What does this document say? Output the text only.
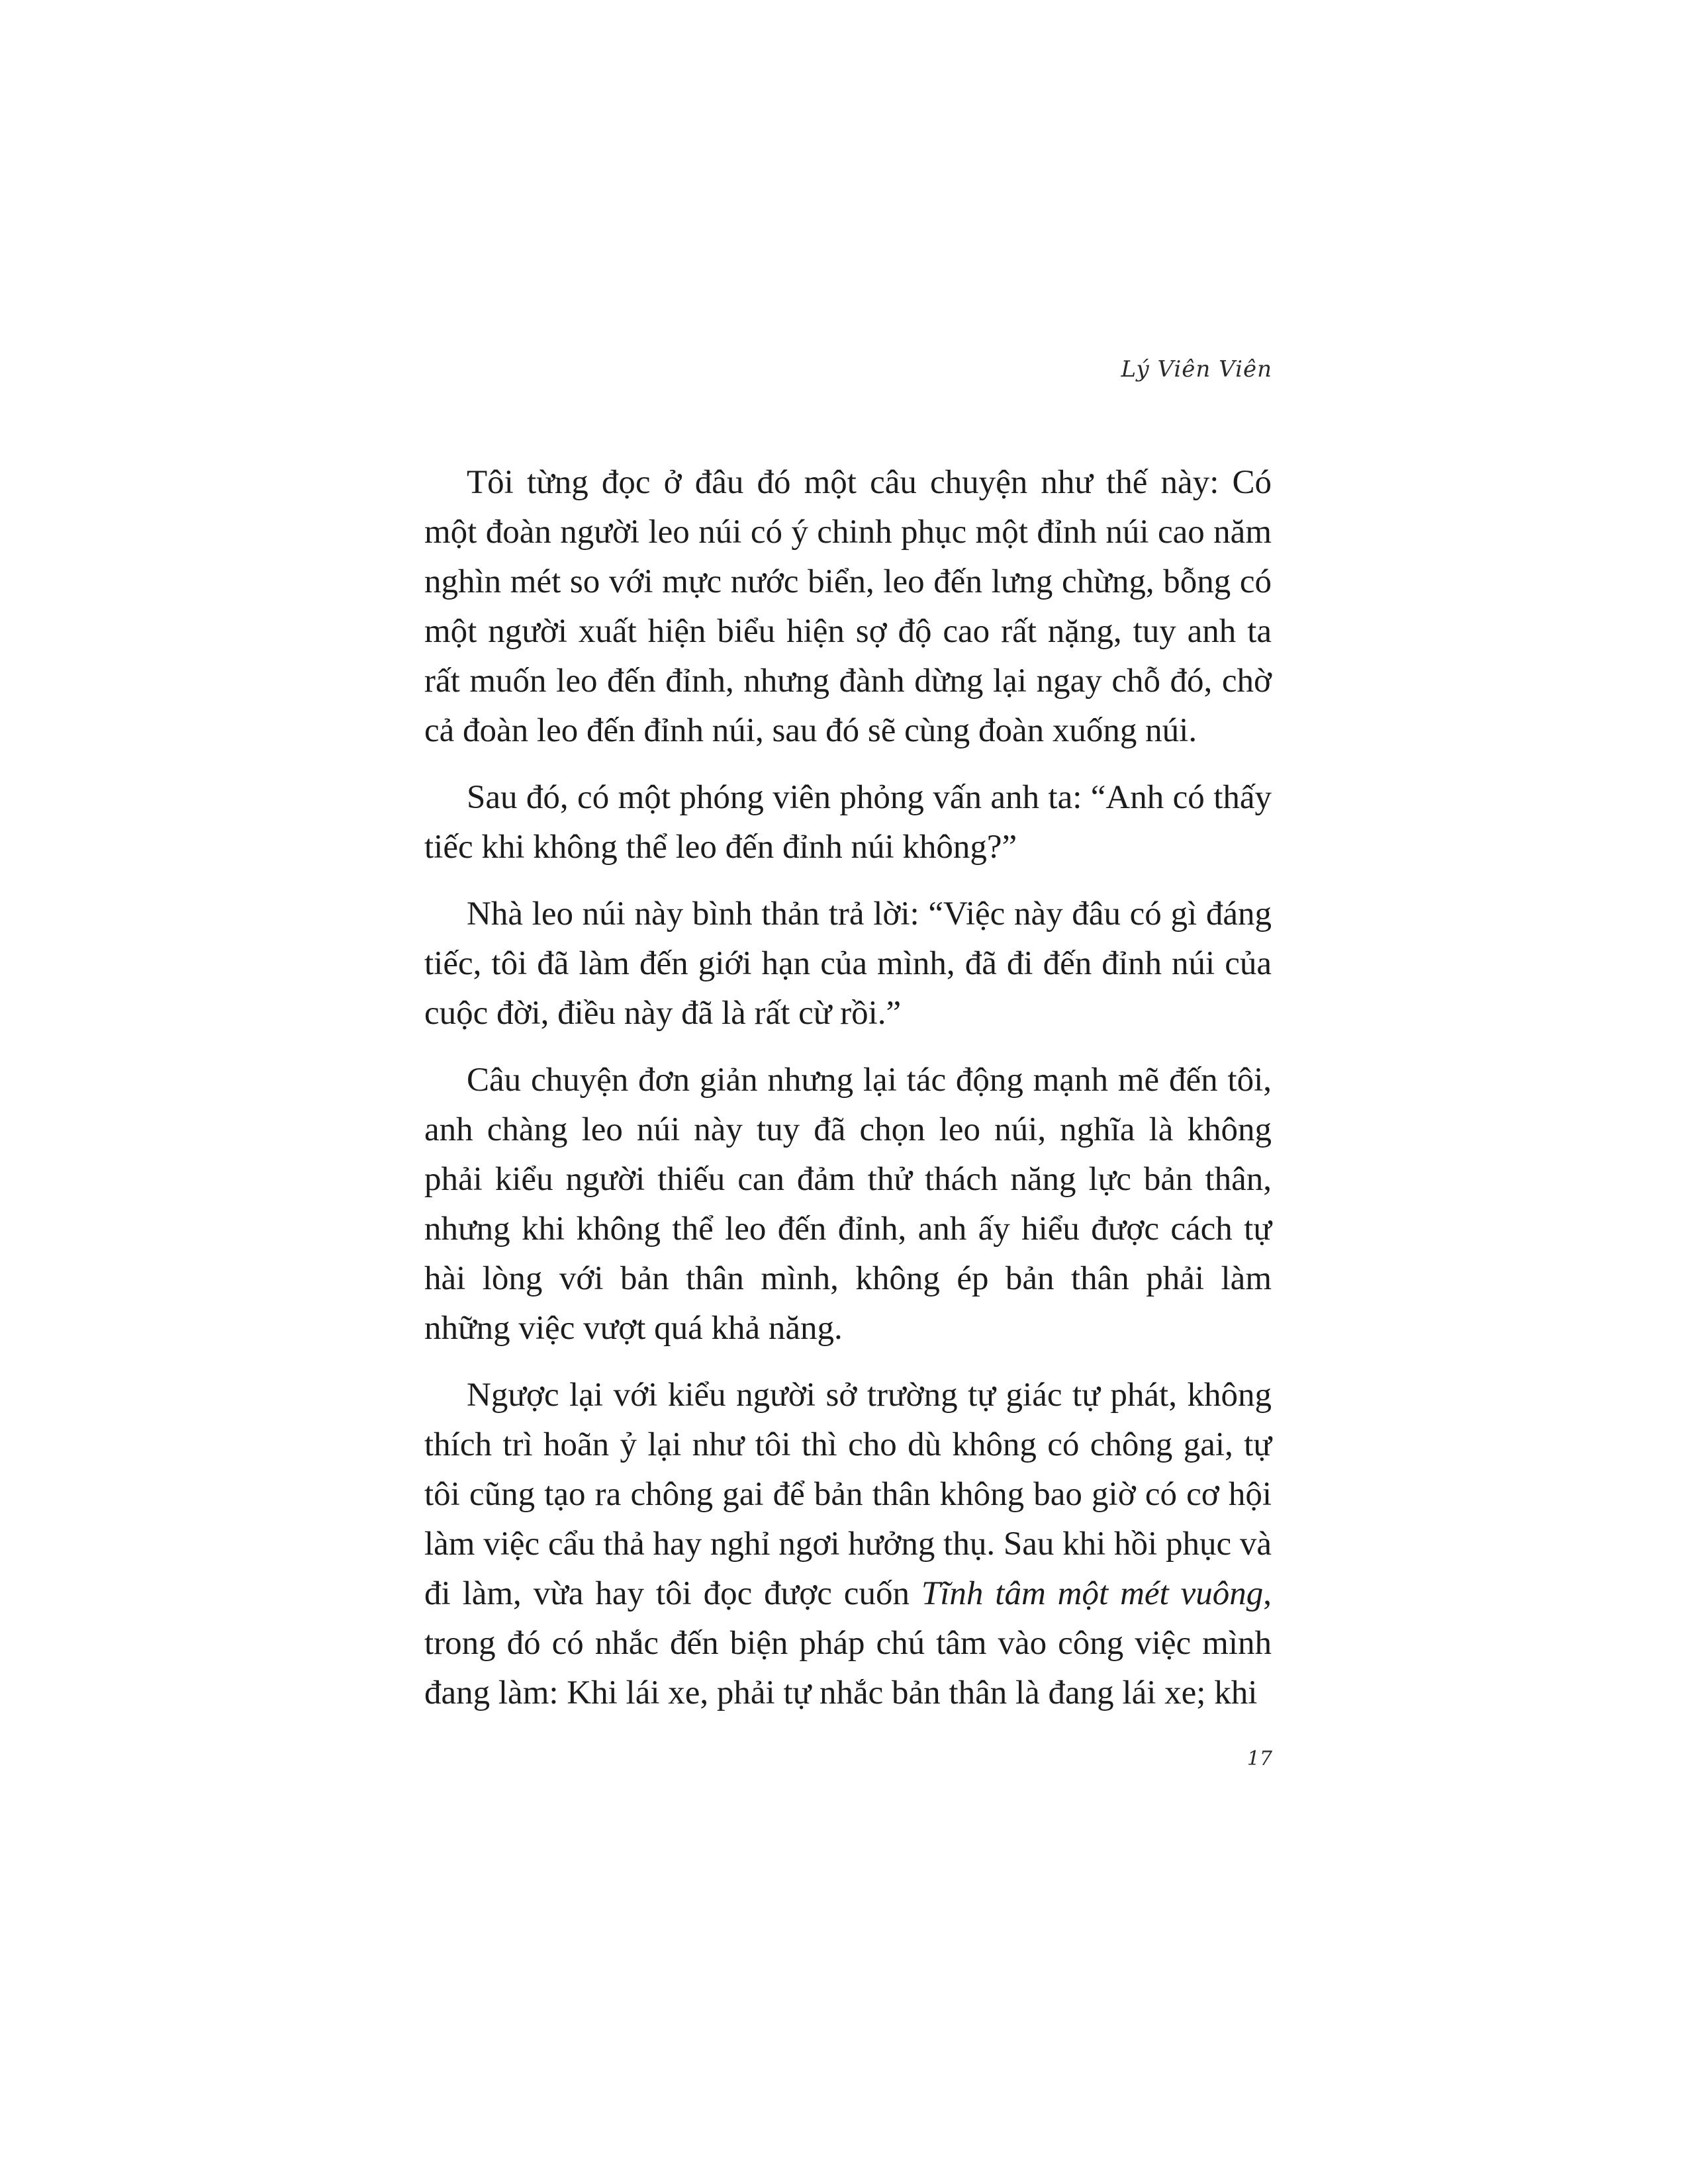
Lý Viên Viên

Tôi từng đọc ở đâu đó một câu chuyện như thế này: Có một đoàn người leo núi có ý chinh phục một đỉnh núi cao năm nghìn mét so với mực nước biển, leo đến lưng chừng, bỗng có một người xuất hiện biểu hiện sợ độ cao rất nặng, tuy anh ta rất muốn leo đến đỉnh, nhưng đành dừng lại ngay chỗ đó, chờ cả đoàn leo đến đỉnh núi, sau đó sẽ cùng đoàn xuống núi.

Sau đó, có một phóng viên phỏng vấn anh ta: “Anh có thấy tiếc khi không thể leo đến đỉnh núi không?”

Nhà leo núi này bình thản trả lời: “Việc này đâu có gì đáng tiếc, tôi đã làm đến giới hạn của mình, đã đi đến đỉnh núi của cuộc đời, điều này đã là rất cừ rồi.”

Câu chuyện đơn giản nhưng lại tác động mạnh mẽ đến tôi, anh chàng leo núi này tuy đã chọn leo núi, nghĩa là không phải kiểu người thiếu can đảm thử thách năng lực bản thân, nhưng khi không thể leo đến đỉnh, anh ấy hiểu được cách tự hài lòng với bản thân mình, không ép bản thân phải làm những việc vượt quá khả năng.

Ngược lại với kiểu người sở trường tự giác tự phát, không thích trì hoãn ỷ lại như tôi thì cho dù không có chông gai, tự tôi cũng tạo ra chông gai để bản thân không bao giờ có cơ hội làm việc cẩu thả hay nghỉ ngơi hưởng thụ. Sau khi hồi phục và đi làm, vừa hay tôi đọc được cuốn Tĩnh tâm một mét vuông, trong đó có nhắc đến biện pháp chú tâm vào công việc mình đang làm: Khi lái xe, phải tự nhắc bản thân là đang lái xe; khi

17
